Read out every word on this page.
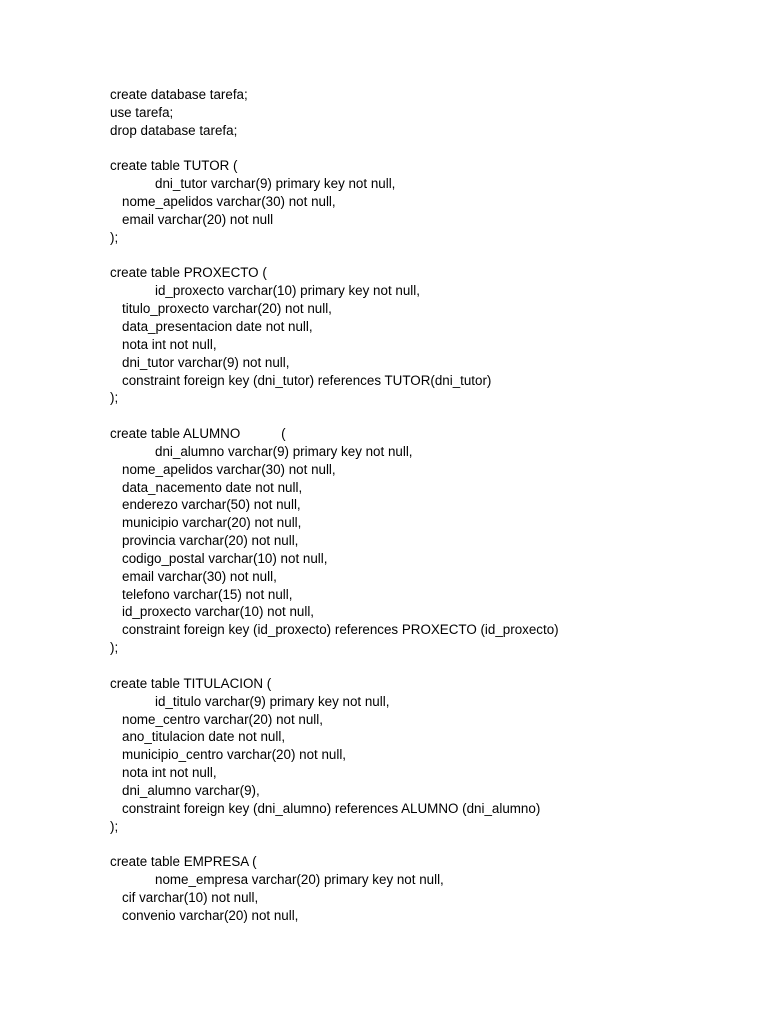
create database tarefa;
use tarefa;
drop database tarefa;
create table TUTOR (
dni_tutor varchar(9) primary key not null,
nome_apelidos varchar(30) not null,
email varchar(20) not null
);
create table PROXECTO (
id_proxecto varchar(10) primary key not null,
titulo_proxecto varchar(20) not null,
data_presentacion date not null,
nota int not null,
dni_tutor varchar(9) not null,
constraint foreign key (dni_tutor) references TUTOR(dni_tutor)
);
create table ALUMNO           (
dni_alumno varchar(9) primary key not null,
nome_apelidos varchar(30) not null,
data_nacemento date not null,
enderezo varchar(50) not null,
municipio varchar(20) not null,
provincia varchar(20) not null,
codigo_postal varchar(10) not null,
email varchar(30) not null,
telefono varchar(15) not null,
id_proxecto varchar(10) not null,
constraint foreign key (id_proxecto) references PROXECTO (id_proxecto)
);
create table TITULACION (
id_titulo varchar(9) primary key not null,
nome_centro varchar(20) not null,
ano_titulacion date not null,
municipio_centro varchar(20) not null,
nota int not null,
dni_alumno varchar(9),
constraint foreign key (dni_alumno) references ALUMNO (dni_alumno)
);
create table EMPRESA (
nome_empresa varchar(20) primary key not null,
cif varchar(10) not null,
convenio varchar(20) not null,
